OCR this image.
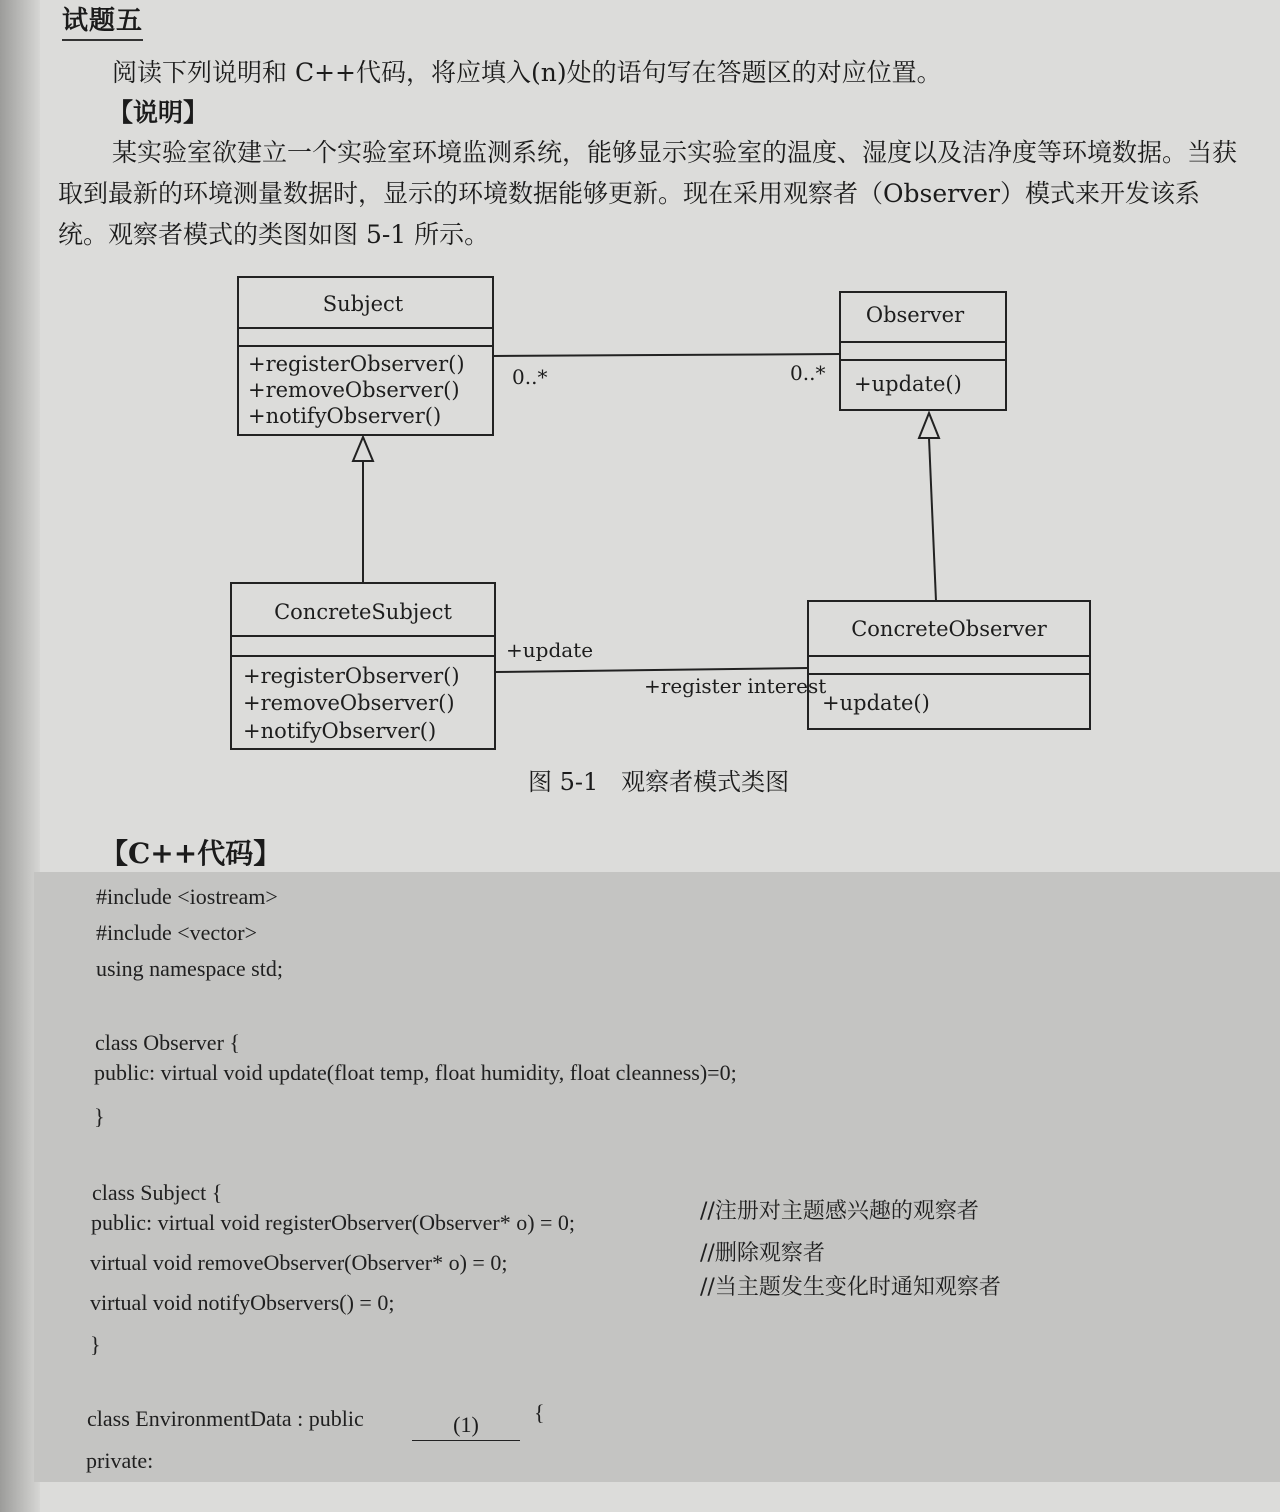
试题五
阅读下列说明和 C++代码，将应填入(n)处的语句写在答题区的对应位置。
【说明】
某实验室欲建立一个实验室环境监测系统，能够显示实验室的温度、湿度以及洁净度等环境数据。当获取到最新的环境测量数据时，显示的环境数据能够更新。现在采用观察者（Observer）模式来开发该系统。观察者模式的类图如图 5-1 所示。
Subject
+registerObserver()
+removeObserver()
+notifyObserver()
Observer
+update()
0..*	0..*
ConcreteSubject
+registerObserver()
+removeObserver()
+notifyObserver()
+update
+register interest
ConcreteObserver
+update()
图 5-1   观察者模式类图
【C++代码】
#include <iostream>
#include <vector>
using namespace std;
class Observer {
public: virtual void update(float temp, float humidity, float cleanness)=0;
}
class Subject {
public: virtual void registerObserver(Observer* o) = 0;
virtual void removeObserver(Observer* o) = 0;
virtual void notifyObservers() = 0;
}
class EnvironmentData : public	(1)	{
private:
//注册对主题感兴趣的观察者
//删除观察者
//当主题发生变化时通知观察者
